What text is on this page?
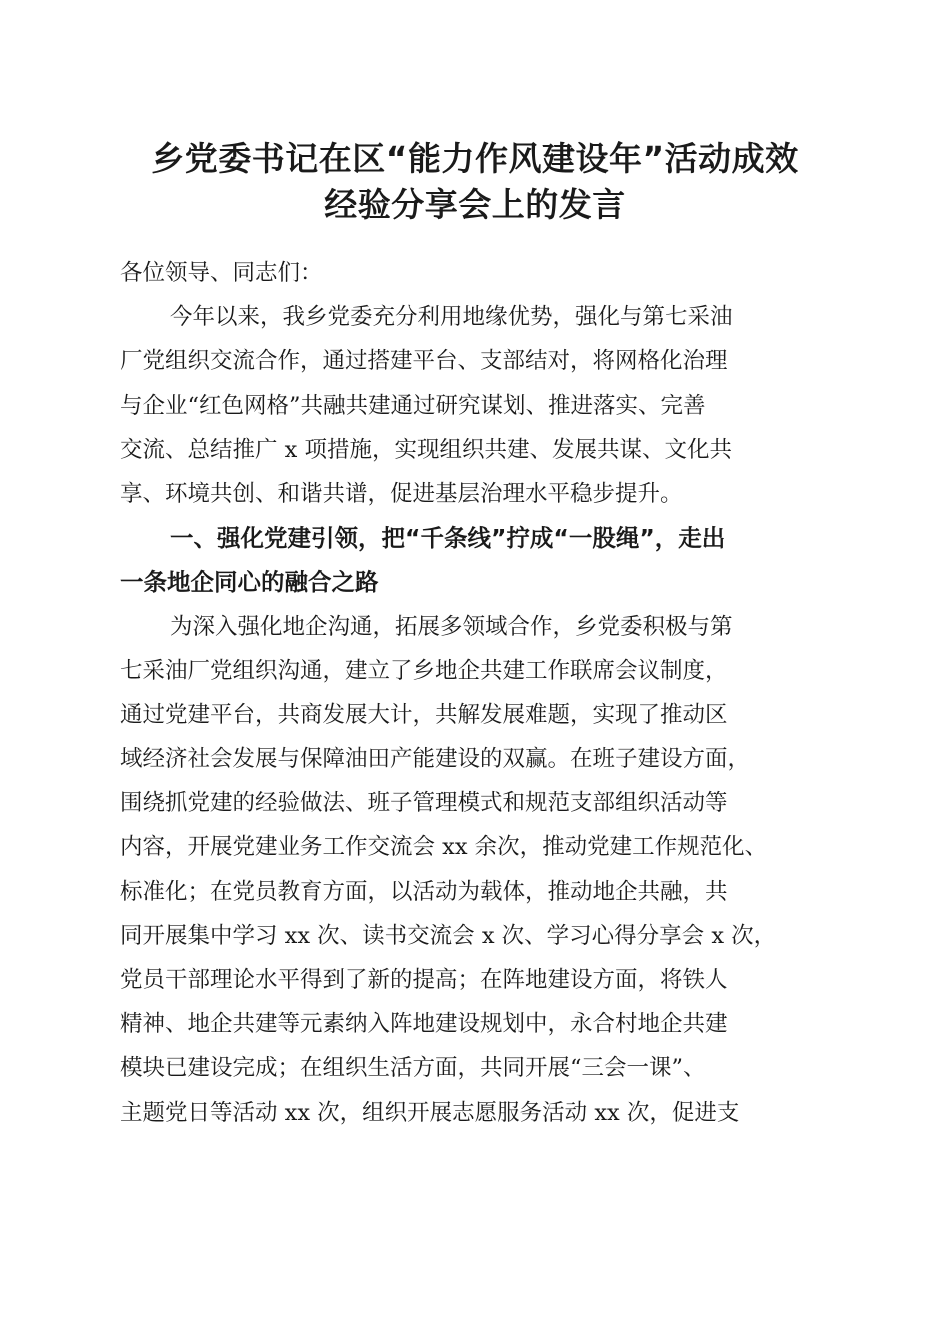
乡党委书记在区“能力作风建设年”活动成效
经验分享会上的发言
各位领导、同志们：
今年以来，我乡党委充分利用地缘优势，强化与第七采油
厂党组织交流合作，通过搭建平台、支部结对，将网格化治理
与企业“红色网格”共融共建通过研究谋划、推进落实、完善
交流、总结推广 x 项措施，实现组织共建、发展共谋、文化共
享、环境共创、和谐共谱，促进基层治理水平稳步提升。
一、强化党建引领，把“千条线”拧成“一股绳”，走出
一条地企同心的融合之路
为深入强化地企沟通，拓展多领域合作，乡党委积极与第
七采油厂党组织沟通，建立了乡地企共建工作联席会议制度，
通过党建平台，共商发展大计，共解发展难题，实现了推动区
域经济社会发展与保障油田产能建设的双赢。在班子建设方面，
围绕抓党建的经验做法、班子管理模式和规范支部组织活动等
内容，开展党建业务工作交流会 xx 余次，推动党建工作规范化、
标准化；在党员教育方面，以活动为载体，推动地企共融，共
同开展集中学习 xx 次、读书交流会 x 次、学习心得分享会 x 次，
党员干部理论水平得到了新的提高；在阵地建设方面，将铁人
精神、地企共建等元素纳入阵地建设规划中，永合村地企共建
模块已建设完成；在组织生活方面，共同开展“三会一课”、
主题党日等活动 xx 次，组织开展志愿服务活动 xx 次，促进支
